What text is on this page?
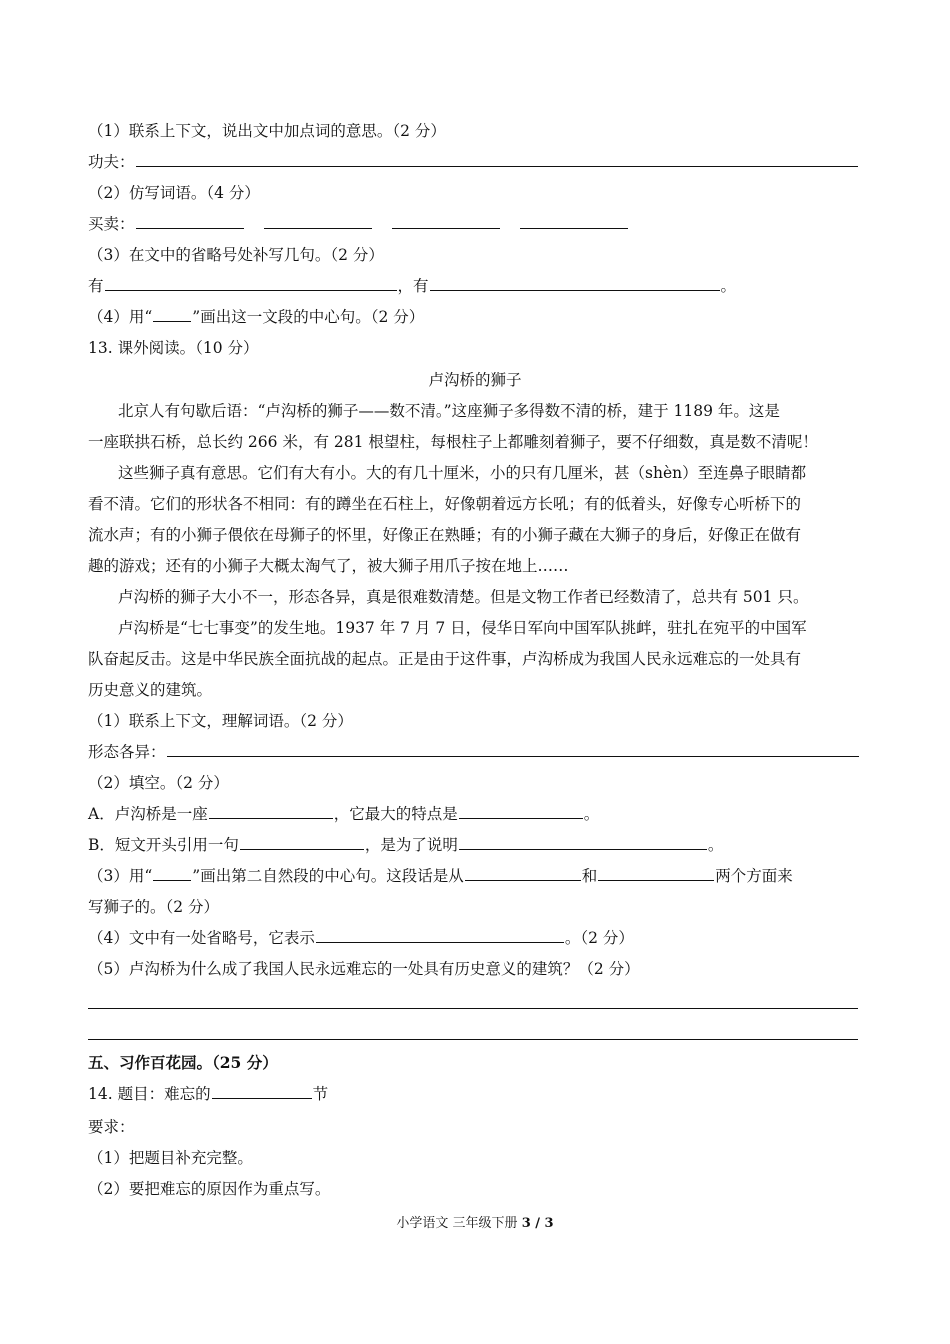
（1）联系上下文，说出文中加点词的意思。（2 分）
功夫：
（2）仿写词语。（4 分）
买卖：
（3）在文中的省略号处补写几句。（2 分）
有	，有	。
（4）用“	”画出这一文段的中心句。（2 分）
13. 课外阅读。（10 分）
卢沟桥的狮子
北京人有句歇后语：“卢沟桥的狮子——数不清。”这座狮子多得数不清的桥，建于 1189 年。这是
一座联拱石桥，总长约 266 米，有 281 根望柱，每根柱子上都雕刻着狮子，要不仔细数，真是数不清呢！
这些狮子真有意思。它们有大有小。大的有几十厘米，小的只有几厘米，甚（shèn）至连鼻子眼睛都
看不清。它们的形状各不相同：有的蹲坐在石柱上，好像朝着远方长吼；有的低着头，好像专心听桥下的
流水声；有的小狮子偎依在母狮子的怀里，好像正在熟睡；有的小狮子藏在大狮子的身后，好像正在做有
趣的游戏；还有的小狮子大概太淘气了，被大狮子用爪子按在地上……
卢沟桥的狮子大小不一，形态各异，真是很难数清楚。但是文物工作者已经数清了，总共有 501 只。
卢沟桥是“七七事变”的发生地。1937 年 7 月 7 日，侵华日军向中国军队挑衅，驻扎在宛平的中国军
队奋起反击。这是中华民族全面抗战的起点。正是由于这件事，卢沟桥成为我国人民永远难忘的一处具有
历史意义的建筑。
（1）联系上下文，理解词语。（2 分）
形态各异：
（2）填空。（2 分）
A．卢沟桥是一座	，它最大的特点是	。
B．短文开头引用一句	，是为了说明	。
（3）用“	”画出第二自然段的中心句。这段话是从	和	两个方面来
写狮子的。（2 分）
（4）文中有一处省略号，它表示	。（2 分）
（5）卢沟桥为什么成了我国人民永远难忘的一处具有历史意义的建筑？（2 分）
五、习作百花园。（25 分）
14. 题目：难忘的	节
要求：
（1）把题目补充完整。
（2）要把难忘的原因作为重点写。
小学语文 三年级下册 3 / 3
